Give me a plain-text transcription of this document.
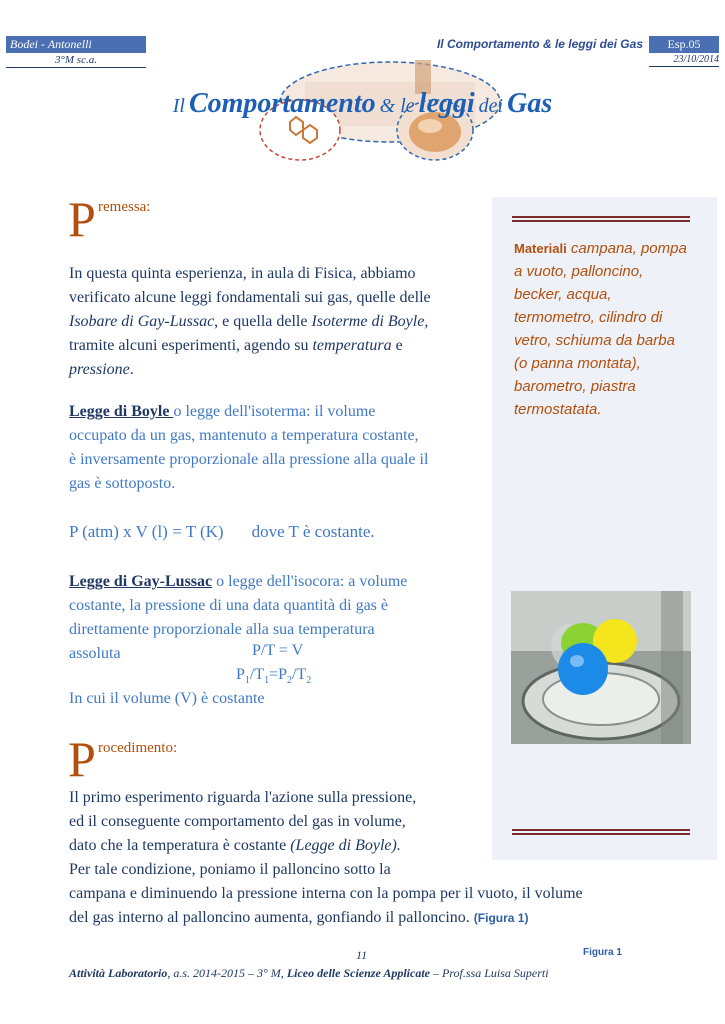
Bodei - Antonelli
3°M sc.a.
Il Comportamento & le leggi dei Gas	Esp.05
23/10/2014
Il Comportamento & le leggi dei Gas
Materiali campana, pompa a vuoto, palloncino, becker, acqua, termometro, cilindro di vetro, schiuma da barba (o panna montata), barometro, piastra termostatata.
P remessa:
In questa quinta esperienza, in aula di Fisica, abbiamo
verificato alcune leggi fondamentali sui gas, quelle delle
Isobare di Gay-Lussac, e quella delle Isoterme di Boyle,
tramite alcuni esperimenti, agendo su temperatura e
pressione.
Legge di Boyle o legge dell'isoterma: il volume
occupato da un gas, mantenuto a temperatura costante,
è inversamente proporzionale alla pressione alla quale il
gas è sottoposto.
P (atm) x V (l) = T (K) dove T è costante.
Legge di Gay-Lussac o legge dell'isocora: a volume
costante, la pressione di una data quantità di gas è
direttamente proporzionale alla sua temperatura
assoluta	P/T = V
$P_1/T_1=P_2/T_2$
In cui il volume (V) è costante
P rocedimento:
Il primo esperimento riguarda l'azione sulla pressione,
ed il conseguente comportamento del gas in volume,
dato che la temperatura è costante (Legge di Boyle).
Per tale condizione, poniamo il palloncino sotto la
campana e diminuendo la pressione interna con la pompa per il vuoto, il volume
del gas interno al palloncino aumenta, gonfiando il palloncino. (Figura 1)
11	Figura 1
Attività Laboratorio, a.s. 2014-2015 – 3° M, Liceo delle Scienze Applicate – Prof.ssa Luisa Superti
